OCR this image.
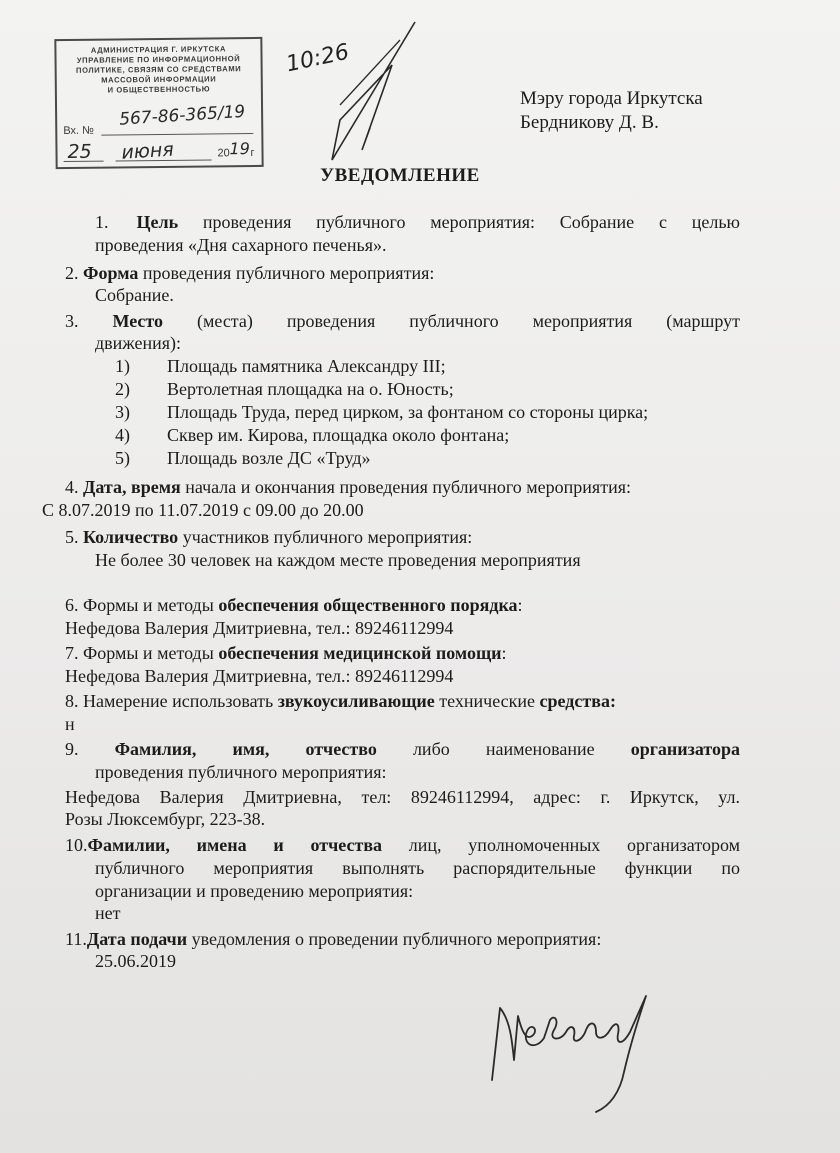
10:26
АДМИНИСТРАЦИЯ Г. ИРКУТСКА
УПРАВЛЕНИЕ ПО ИНФОРМАЦИОННОЙ
ПОЛИТИКЕ, СВЯЗЯМ СО СРЕДСТВАМИ
МАССОВОЙ ИНФОРМАЦИИ
И ОБЩЕСТВЕННОСТЬЮ
Вх. №
567-86-365/19
25 июня	20 19 г
Мэру города Иркутска
Бердникову Д. В.
УВЕДОМЛЕНИЕ
1. Цель проведения публичного мероприятия: Собрание с целью
проведения «Дня сахарного печенья».
2. Форма проведения публичного мероприятия:
Собрание.
3. Место (места) проведения публичного мероприятия (маршрут
движения):
1) Площадь памятника Александру III;
2) Вертолетная площадка на о. Юность;
3) Площадь Труда, перед цирком, за фонтаном со стороны цирка;
4) Сквер им. Кирова, площадка около фонтана;
5) Площадь возле ДС «Труд»
4. Дата, время начала и окончания проведения публичного мероприятия:
С 8.07.2019 по 11.07.2019 с 09.00 до 20.00
5. Количество участников публичного мероприятия:
Не более 30 человек на каждом месте проведения мероприятия
6. Формы и методы обеспечения общественного порядка:
Нефедова Валерия Дмитриевна, тел.: 89246112994
7. Формы и методы обеспечения медицинской помощи:
Нефедова Валерия Дмитриевна, тел.: 89246112994
8. Намерение использовать звукоусиливающие технические средства:
н
9. Фамилия, имя, отчество либо наименование организатора
проведения публичного мероприятия:
Нефедова Валерия Дмитриевна, тел: 89246112994, адрес: г. Иркутск, ул.
Розы Люксембург, 223-38.
10.Фамилии, имена и отчества лиц, уполномоченных организатором
публичного мероприятия выполнять распорядительные функции по
организации и проведению мероприятия:
нет
11.Дата подачи уведомления о проведении публичного мероприятия:
25.06.2019
